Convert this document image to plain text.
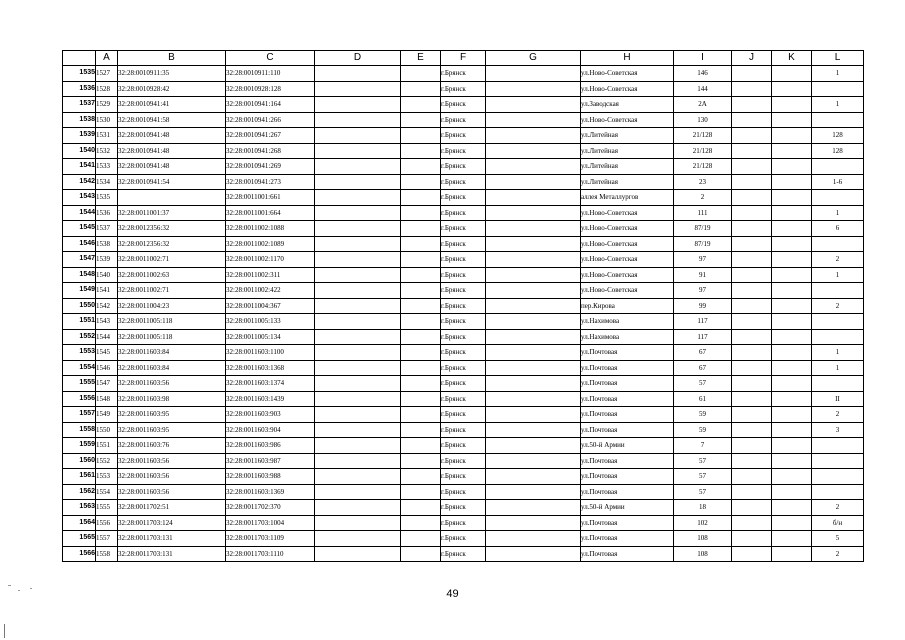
	A	B	C	D	E	F	G	H	I	J	K	L
1535	1527	32:28:0010911:35	32:28:0010911:110			г.Брянск		ул.Ново-Советская	146			1
1536	1528	32:28:0010928:42	32:28:0010928:128			г.Брянск		ул.Ново-Советская	144			
1537	1529	32:28:0010941:41	32:28:0010941:164			г.Брянск		ул.Заводская	2А			1
1538	1530	32:28:0010941:58	32:28:0010941:266			г.Брянск		ул.Ново-Советская	130			
1539	1531	32:28:0010941:48	32:28:0010941:267			г.Брянск		ул.Литейная	21/128			128
1540	1532	32:28:0010941:48	32:28:0010941:268			г.Брянск		ул.Литейная	21/128			128
1541	1533	32:28:0010941:48	32:28:0010941:269			г.Брянск		ул.Литейная	21/128			
1542	1534	32:28:0010941:54	32:28:0010941:273			г.Брянск		ул.Литейная	23			1-6
1543	1535		32:28:0011001:661			г.Брянск		аллея Металлургов	2			
1544	1536	32:28:0011001:37	32:28:0011001:664			г.Брянск		ул.Ново-Советская	111			1
1545	1537	32:28:0012356:32	32:28:0011002:1088			г.Брянск		ул.Ново-Советская	87/19			6
1546	1538	32:28:0012356:32	32:28:0011002:1089			г.Брянск		ул.Ново-Советская	87/19			
1547	1539	32:28:0011002:71	32:28:0011002:1170			г.Брянск		ул.Ново-Советская	97			2
1548	1540	32:28:0011002:63	32:28:0011002:311			г.Брянск		ул.Ново-Советская	91			1
1549	1541	32:28:0011002:71	32:28:0011002:422			г.Брянск		ул.Ново-Советская	97			
1550	1542	32:28:0011004:23	32:28:0011004:367			г.Брянск		пер.Кирова	99			2
1551	1543	32:28:0011005:118	32:28:0011005:133			г.Брянск		ул.Нахимова	117			
1552	1544	32:28:0011005:118	32:28:0011005:134			г.Брянск		ул.Нахимова	117			
1553	1545	32:28:0011603:84	32:28:0011603:1100			г.Брянск		ул.Почтовая	67			1
1554	1546	32:28:0011603:84	32:28:0011603:1368			г.Брянск		ул.Почтовая	67			1
1555	1547	32:28:0011603:56	32:28:0011603:1374			г.Брянск		ул.Почтовая	57			
1556	1548	32:28:0011603:98	32:28:0011603:1439			г.Брянск		ул.Почтовая	61			II
1557	1549	32:28:0011603:95	32:28:0011603:903			г.Брянск		ул.Почтовая	59			2
1558	1550	32:28:0011603:95	32:28:0011603:904			г.Брянск		ул.Почтовая	59			3
1559	1551	32:28:0011603:76	32:28:0011603:986			г.Брянск		ул.50-й Армии	7			
1560	1552	32:28:0011603:56	32:28:0011603:987			г.Брянск		ул.Почтовая	57			
1561	1553	32:28:0011603:56	32:28:0011603:988			г.Брянск		ул.Почтовая	57			
1562	1554	32:28:0011603:56	32:28:0011603:1369			г.Брянск		ул.Почтовая	57			
1563	1555	32:28:0011702:51	32:28:0011702:370			г.Брянск		ул.50-й Армии	18			2
1564	1556	32:28:0011703:124	32:28:0011703:1004			г.Брянск		ул.Почтовая	102			б/н
1565	1557	32:28:0011703:131	32:28:0011703:1109			г.Брянск		ул.Почтовая	108			5
1566	1558	32:28:0011703:131	32:28:0011703:1110			г.Брянск		ул.Почтовая	108			2
49
